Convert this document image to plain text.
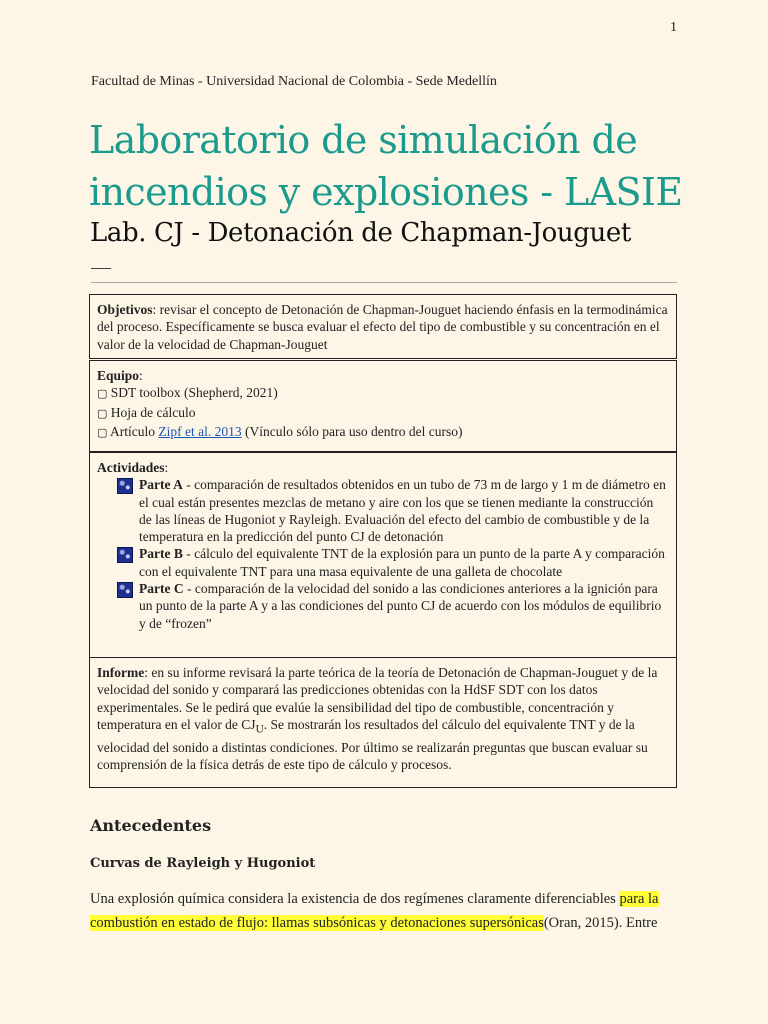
1
Facultad de Minas - Universidad Nacional de Colombia - Sede Medellín
Laboratorio de simulación de incendios y explosiones - LASIE
Lab. CJ - Detonación de Chapman-Jouguet
Objetivos: revisar el concepto de Detonación de Chapman-Jouguet haciendo énfasis en la termodinámica del proceso. Específicamente se busca evaluar el efecto del tipo de combustible y su concentración en el valor de la velocidad de Chapman-Jouguet
Equipo:
▢ SDT toolbox (Shepherd, 2021)
▢ Hoja de cálculo
▢ Artículo Zipf et al. 2013 (Vínculo sólo para uso dentro del curso)
Actividades:
Parte A - comparación de resultados obtenidos en un tubo de 73 m de largo y 1 m de diámetro en el cual están presentes mezclas de metano y aire con los que se tienen mediante la construcción de las líneas de Hugoniot y Rayleigh. Evaluación del efecto del cambio de combustible y de la temperatura en la predicción del punto CJ de detonación
Parte B - cálculo del equivalente TNT de la explosión para un punto de la parte A y comparación con el equivalente TNT para una masa equivalente de una galleta de chocolate
Parte C - comparación de la velocidad del sonido a las condiciones anteriores a la ignición para un punto de la parte A y a las condiciones del punto CJ de acuerdo con los módulos de equilibrio y de “frozen”
Informe: en su informe revisará la parte teórica de la teoría de Detonación de Chapman-Jouguet y de la velocidad del sonido y comparará las predicciones obtenidas con la HdSF SDT con los datos experimentales. Se le pedirá que evalúe la sensibilidad del tipo de combustible, concentración y temperatura en el valor de $CJ_U$. Se mostrarán los resultados del cálculo del equivalente TNT y de la velocidad del sonido a distintas condiciones. Por último se realizarán preguntas que buscan evaluar su comprensión de la física detrás de este tipo de cálculo y procesos.
Antecedentes
Curvas de Rayleigh y Hugoniot

Una explosión química considera la existencia de dos regímenes claramente diferenciables para la combustión en estado de flujo: llamas subsónicas y detonaciones supersónicas(Oran, 2015). Entre
